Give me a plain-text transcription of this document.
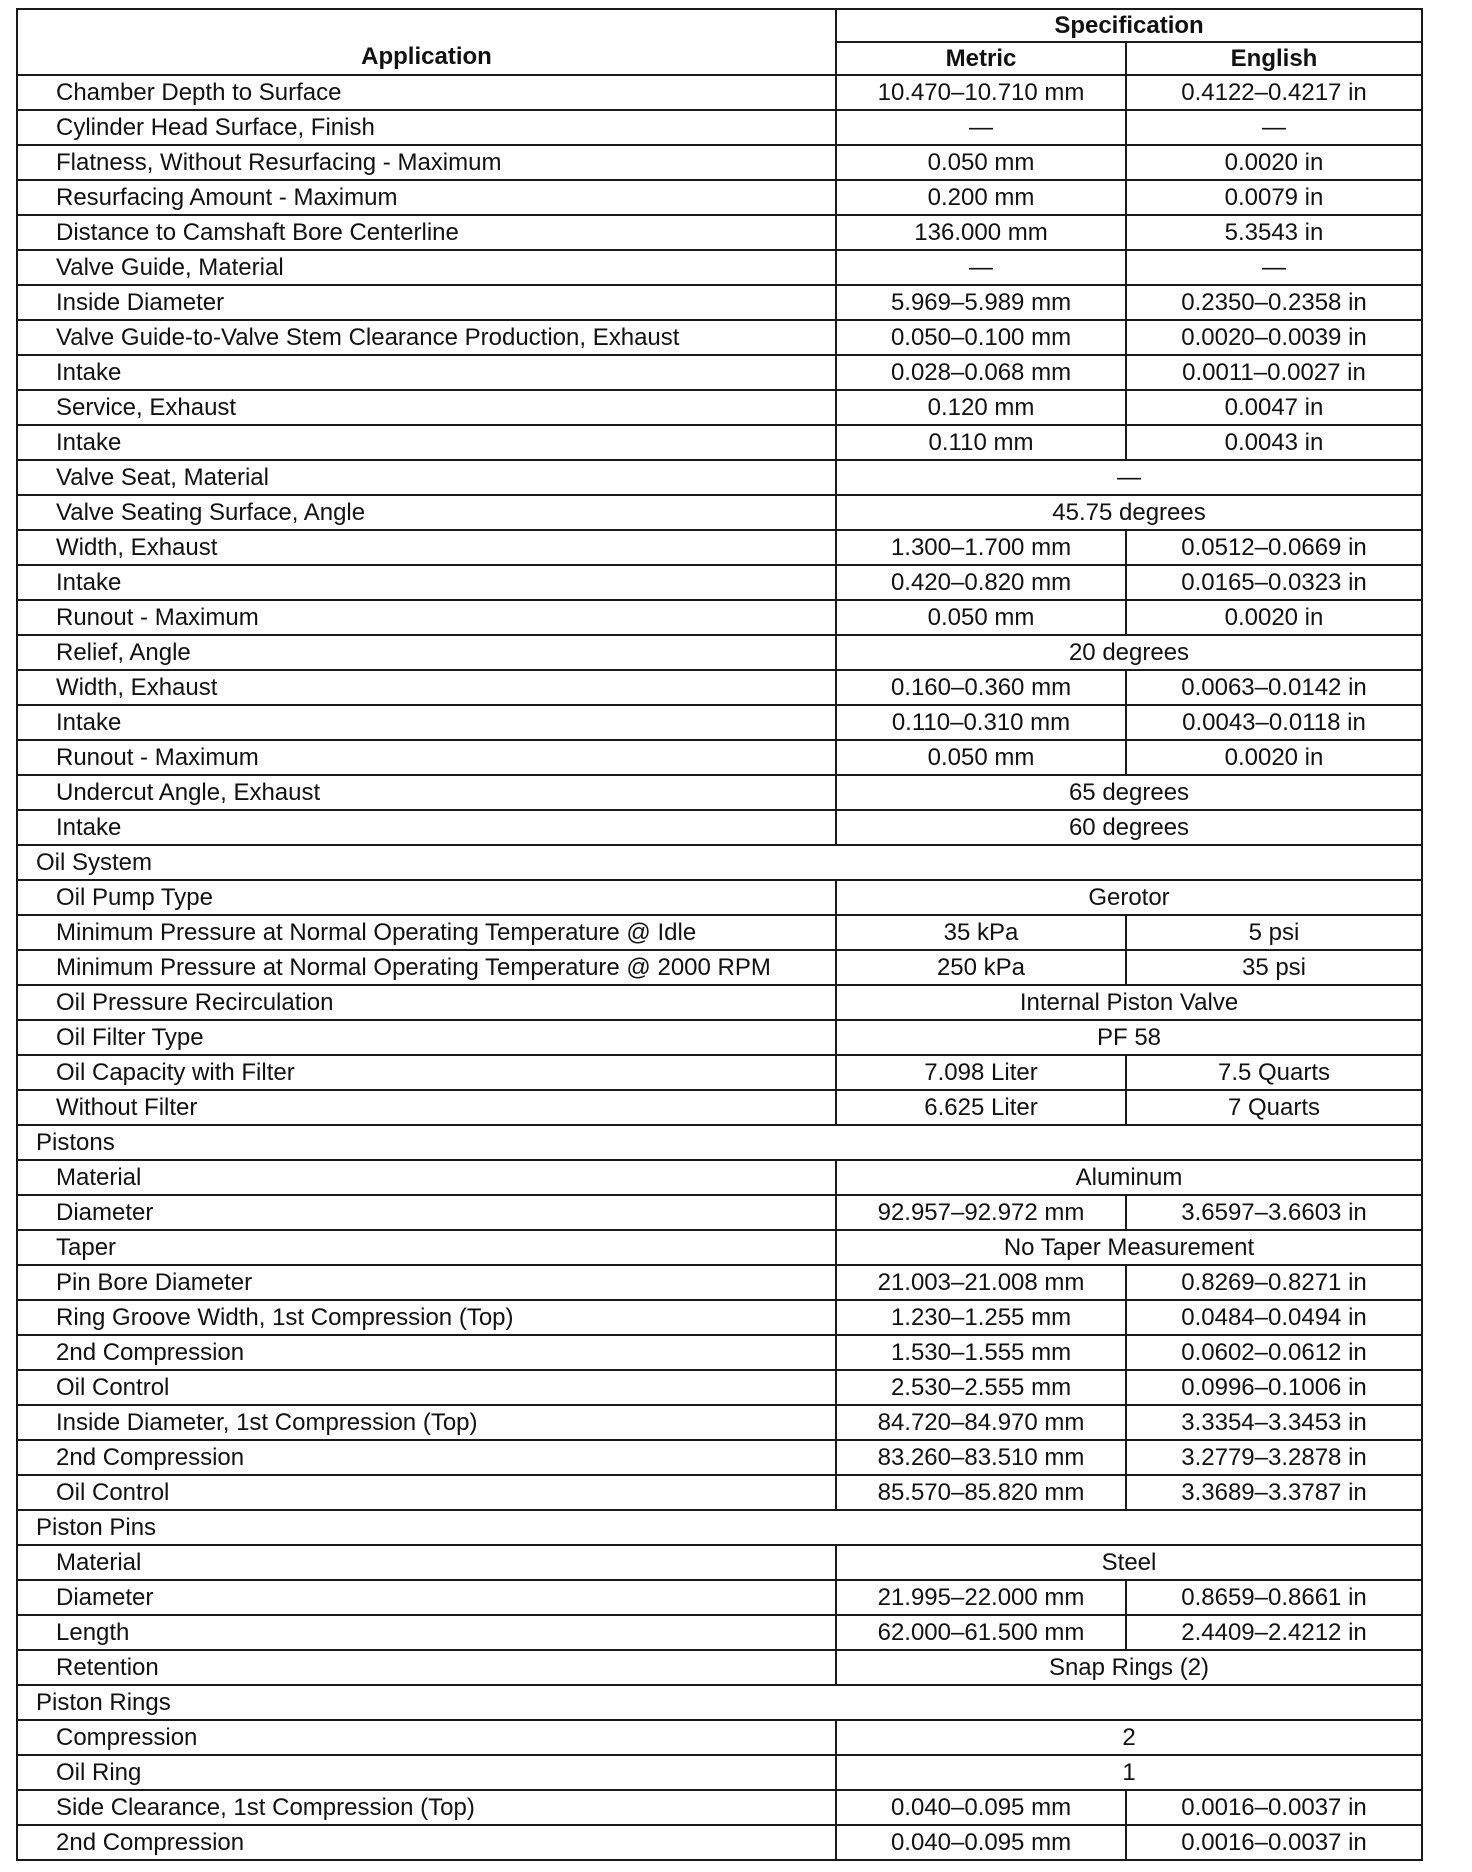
Application	Specification	
	Metric	English
Chamber Depth to Surface	10.470–10.710 mm	0.4122–0.4217 in
Cylinder Head Surface, Finish	—	—
Flatness, Without Resurfacing - Maximum	0.050 mm	0.0020 in
Resurfacing Amount - Maximum	0.200 mm	0.0079 in
Distance to Camshaft Bore Centerline	136.000 mm	5.3543 in
Valve Guide, Material	—	—
Inside Diameter	5.969–5.989 mm	0.2350–0.2358 in
Valve Guide-to-Valve Stem Clearance Production, Exhaust	0.050–0.100 mm	0.0020–0.0039 in
Intake	0.028–0.068 mm	0.0011–0.0027 in
Service, Exhaust	0.120 mm	0.0047 in
Intake	0.110 mm	0.0043 in
Valve Seat, Material	—	
Valve Seating Surface, Angle	45.75 degrees	
Width, Exhaust	1.300–1.700 mm	0.0512–0.0669 in
Intake	0.420–0.820 mm	0.0165–0.0323 in
Runout - Maximum	0.050 mm	0.0020 in
Relief, Angle	20 degrees	
Width, Exhaust	0.160–0.360 mm	0.0063–0.0142 in
Intake	0.110–0.310 mm	0.0043–0.0118 in
Runout - Maximum	0.050 mm	0.0020 in
Undercut Angle, Exhaust	65 degrees	
Intake	60 degrees	
Oil System		
Oil Pump Type	Gerotor	
Minimum Pressure at Normal Operating Temperature @ Idle	35 kPa	5 psi
Minimum Pressure at Normal Operating Temperature @ 2000 RPM	250 kPa	35 psi
Oil Pressure Recirculation	Internal Piston Valve	
Oil Filter Type	PF 58	
Oil Capacity with Filter	7.098 Liter	7.5 Quarts
Without Filter	6.625 Liter	7 Quarts
Pistons		
Material	Aluminum	
Diameter	92.957–92.972 mm	3.6597–3.6603 in
Taper	No Taper Measurement	
Pin Bore Diameter	21.003–21.008 mm	0.8269–0.8271 in
Ring Groove Width, 1st Compression (Top)	1.230–1.255 mm	0.0484–0.0494 in
2nd Compression	1.530–1.555 mm	0.0602–0.0612 in
Oil Control	2.530–2.555 mm	0.0996–0.1006 in
Inside Diameter, 1st Compression (Top)	84.720–84.970 mm	3.3354–3.3453 in
2nd Compression	83.260–83.510 mm	3.2779–3.2878 in
Oil Control	85.570–85.820 mm	3.3689–3.3787 in
Piston Pins		
Material	Steel	
Diameter	21.995–22.000 mm	0.8659–0.8661 in
Length	62.000–61.500 mm	2.4409–2.4212 in
Retention	Snap Rings (2)	
Piston Rings		
Compression	2	
Oil Ring	1	
Side Clearance, 1st Compression (Top)	0.040–0.095 mm	0.0016–0.0037 in
2nd Compression	0.040–0.095 mm	0.0016–0.0037 in
